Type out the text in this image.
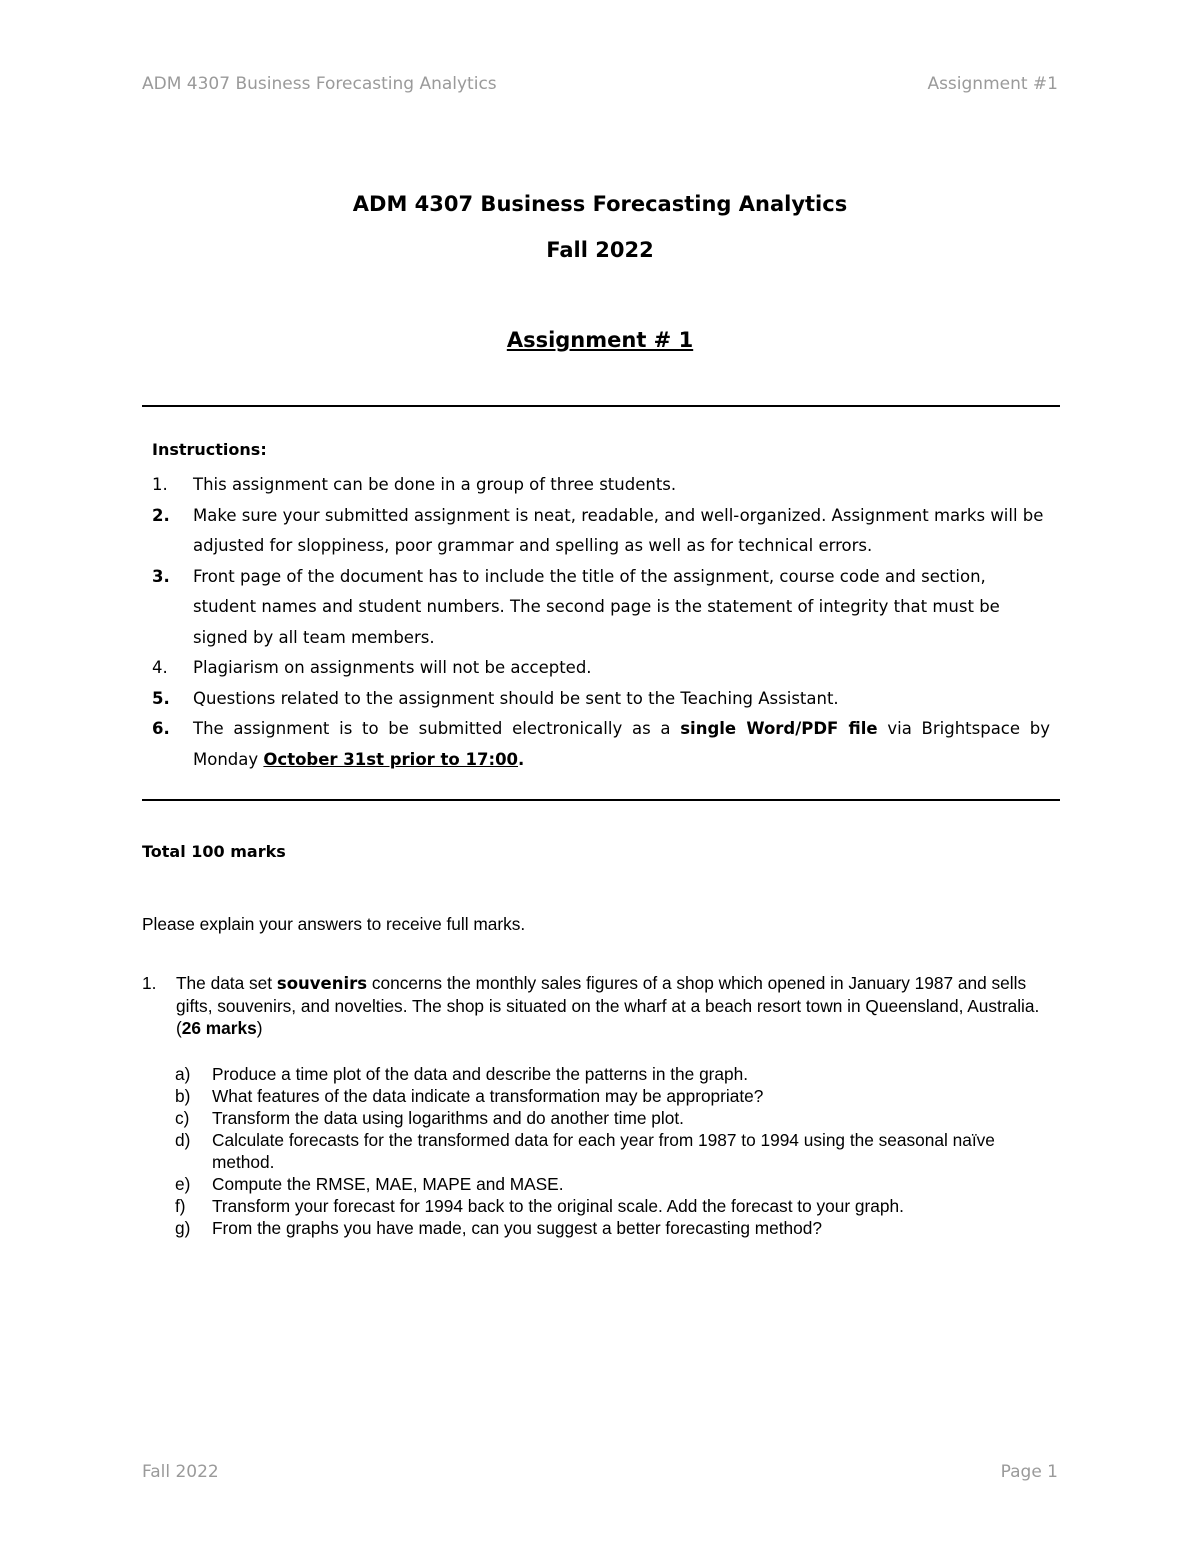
ADM 4307 Business Forecasting Analytics	Assignment #1
ADM 4307 Business Forecasting Analytics
Fall 2022
Assignment # 1
Instructions:
1. This assignment can be done in a group of three students.
2. Make sure your submitted assignment is neat, readable, and well-organized. Assignment marks will be adjusted for sloppiness, poor grammar and spelling as well as for technical errors.
3. Front page of the document has to include the title of the assignment, course code and section, student names and student numbers. The second page is the statement of integrity that must be signed by all team members.
4. Plagiarism on assignments will not be accepted.
5. Questions related to the assignment should be sent to the Teaching Assistant.
6. The assignment is to be submitted electronically as a single Word/PDF file via Brightspace by Monday October 31st prior to 17:00.
Total 100 marks
Please explain your answers to receive full marks.
1. The data set souvenirs concerns the monthly sales figures of a shop which opened in January 1987 and sells gifts, souvenirs, and novelties. The shop is situated on the wharf at a beach resort town in Queensland, Australia. (26 marks)
a) Produce a time plot of the data and describe the patterns in the graph.
b) What features of the data indicate a transformation may be appropriate?
c) Transform the data using logarithms and do another time plot.
d) Calculate forecasts for the transformed data for each year from 1987 to 1994 using the seasonal naïve method.
e) Compute the RMSE, MAE, MAPE and MASE.
f) Transform your forecast for 1994 back to the original scale. Add the forecast to your graph.
g) From the graphs you have made, can you suggest a better forecasting method?
Fall 2022	Page 1
